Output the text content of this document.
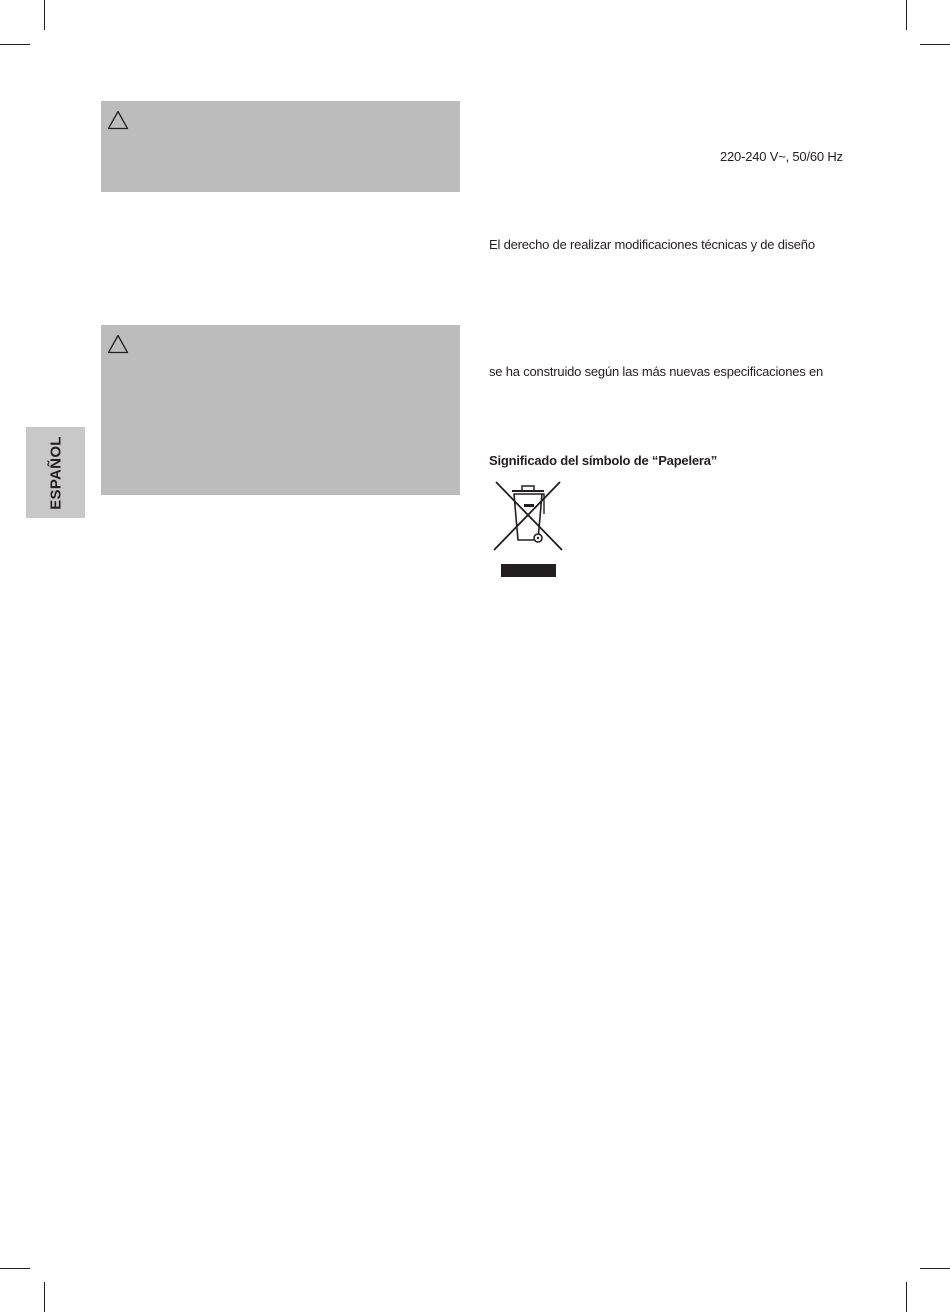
ESPAÑOL
220-240 V~, 50/60 Hz
El derecho de realizar modificaciones técnicas y de diseño
se ha construido según las más nuevas especificaciones en
Significado del símbolo de “Papelera”
